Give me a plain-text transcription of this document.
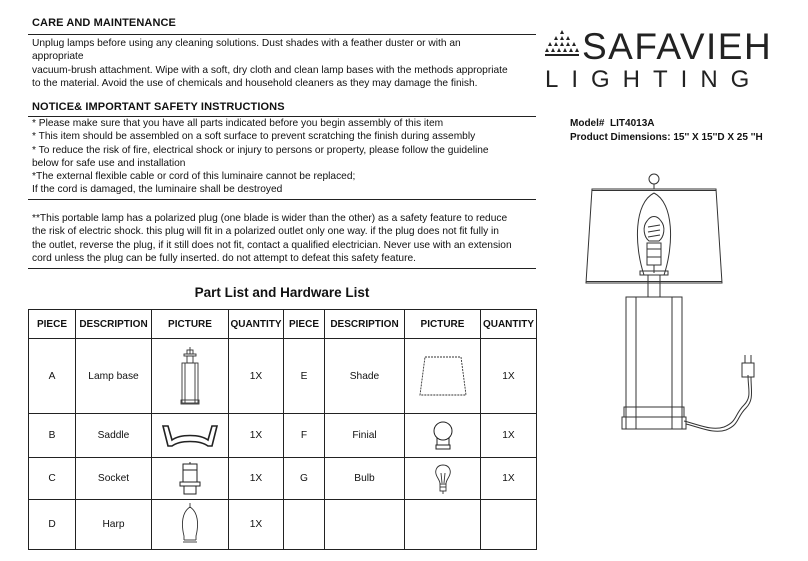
CARE AND MAINTENANCE
Unplug lamps before using any cleaning solutions. Dust shades with a feather duster or with an
appropriate
vacuum-brush attachment. Wipe with a soft, dry cloth and clean lamp bases with the methods appropriate
to the material. Avoid the use of chemicals and household cleaners as they may damage the finish.
NOTICE& IMPORTANT SAFETY INSTRUCTIONS
* Please make sure that you have all parts indicated before you begin assembly of this item
* This item should be assembled on a soft surface to prevent scratching the finish during assembly
* To reduce the risk of fire, electrical shock or injury to persons or property, please follow the guideline
below for safe use and installation
*The external flexible cable or cord of this luminaire cannot be replaced;
If the cord is damaged, the luminaire shall be destroyed
**This portable lamp has a polarized plug (one blade is wider than the other) as a safety feature to reduce
the risk of electric shock. this plug will fit in a polarized outlet only one way. if the plug does not fit fully in
the outlet, reverse the plug, if it still does not fit, contact a qualified electrician. Never use with an extension
cord unless the plug can be fully inserted. do not attempt to defeat this safety feature.
SAFAVIEH
LIGHTING
Model# LIT4013A
Product Dimensions: 15'' X 15''D X 25 ''H
Part List and Hardware List
PIECE	DESCRIPTION	PICTURE	QUANTITY	PIECE	DESCRIPTION	PICTURE	QUANTITY
A	Lamp base		1X	E	Shade		1X
B	Saddle		1X	F	Finial		1X
C	Socket		1X	G	Bulb		1X
D	Harp		1X				
